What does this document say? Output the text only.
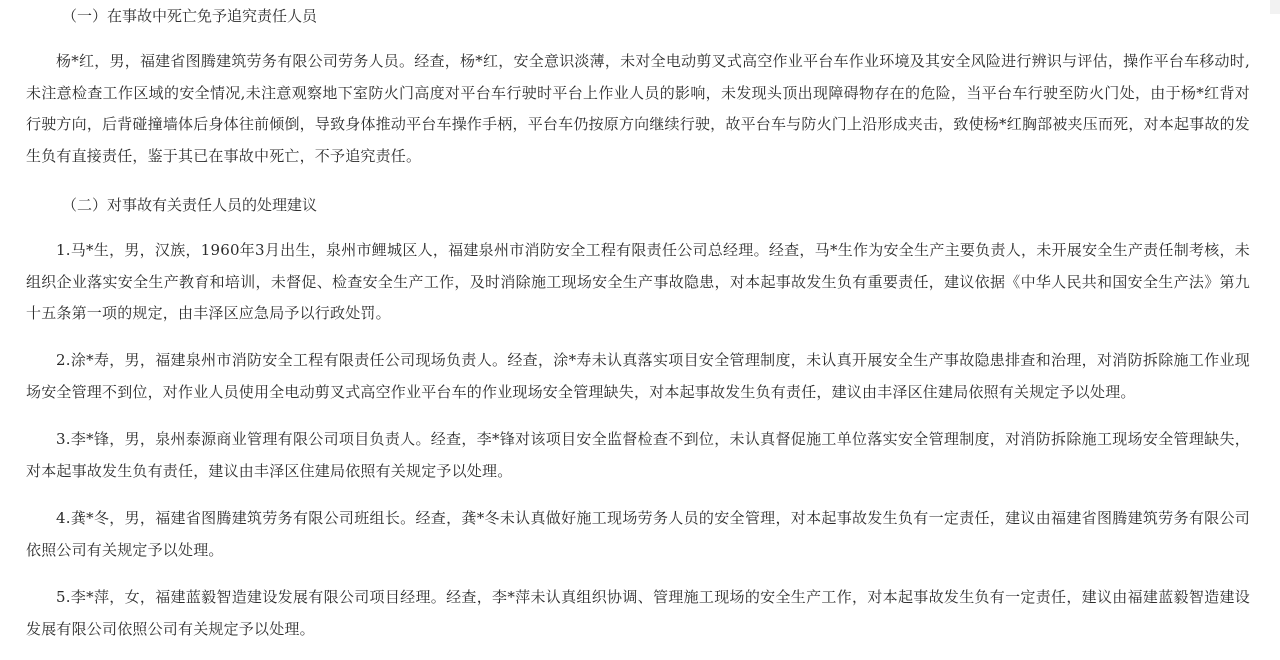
（一）在事故中死亡免予追究责任人员

杨*红，男，福建省图腾建筑劳务有限公司劳务人员。经查，杨*红，安全意识淡薄，未对全电动剪叉式高空作业平台车作业环境及其安全风险进行辨识与评估，操作平台车移动时,未注意检查工作区域的安全情况,未注意观察地下室防火门高度对平台车行驶时平台上作业人员的影响，未发现头顶出现障碍物存在的危险，当平台车行驶至防火门处，由于杨*红背对行驶方向，后背碰撞墙体后身体往前倾倒，导致身体推动平台车操作手柄，平台车仍按原方向继续行驶，故平台车与防火门上沿形成夹击，致使杨*红胸部被夹压而死，对本起事故的发生负有直接责任，鉴于其已在事故中死亡，不予追究责任。

（二）对事故有关责任人员的处理建议

1.马*生，男，汉族，1960年3月出生，泉州市鲤城区人，福建泉州市消防安全工程有限责任公司总经理。经查，马*生作为安全生产主要负责人，未开展安全生产责任制考核，未组织企业落实安全生产教育和培训，未督促、检查安全生产工作，及时消除施工现场安全生产事故隐患，对本起事故发生负有重要责任，建议依据《中华人民共和国安全生产法》第九十五条第一项的规定，由丰泽区应急局予以行政处罚。

2.涂*寿，男，福建泉州市消防安全工程有限责任公司现场负责人。经查，涂*寿未认真落实项目安全管理制度，未认真开展安全生产事故隐患排查和治理，对消防拆除施工作业现场安全管理不到位，对作业人员使用全电动剪叉式高空作业平台车的作业现场安全管理缺失，对本起事故发生负有责任，建议由丰泽区住建局依照有关规定予以处理。

3.李*锋，男，泉州泰源商业管理有限公司项目负责人。经查，李*锋对该项目安全监督检查不到位，未认真督促施工单位落实安全管理制度，对消防拆除施工现场安全管理缺失，对本起事故发生负有责任，建议由丰泽区住建局依照有关规定予以处理。

4.龚*冬，男，福建省图腾建筑劳务有限公司班组长。经查，龚*冬未认真做好施工现场劳务人员的安全管理，对本起事故发生负有一定责任，建议由福建省图腾建筑劳务有限公司依照公司有关规定予以处理。

5.李*萍，女，福建蓝毅智造建设发展有限公司项目经理。经查，李*萍未认真组织协调、管理施工现场的安全生产工作，对本起事故发生负有一定责任，建议由福建蓝毅智造建设发展有限公司依照公司有关规定予以处理。
